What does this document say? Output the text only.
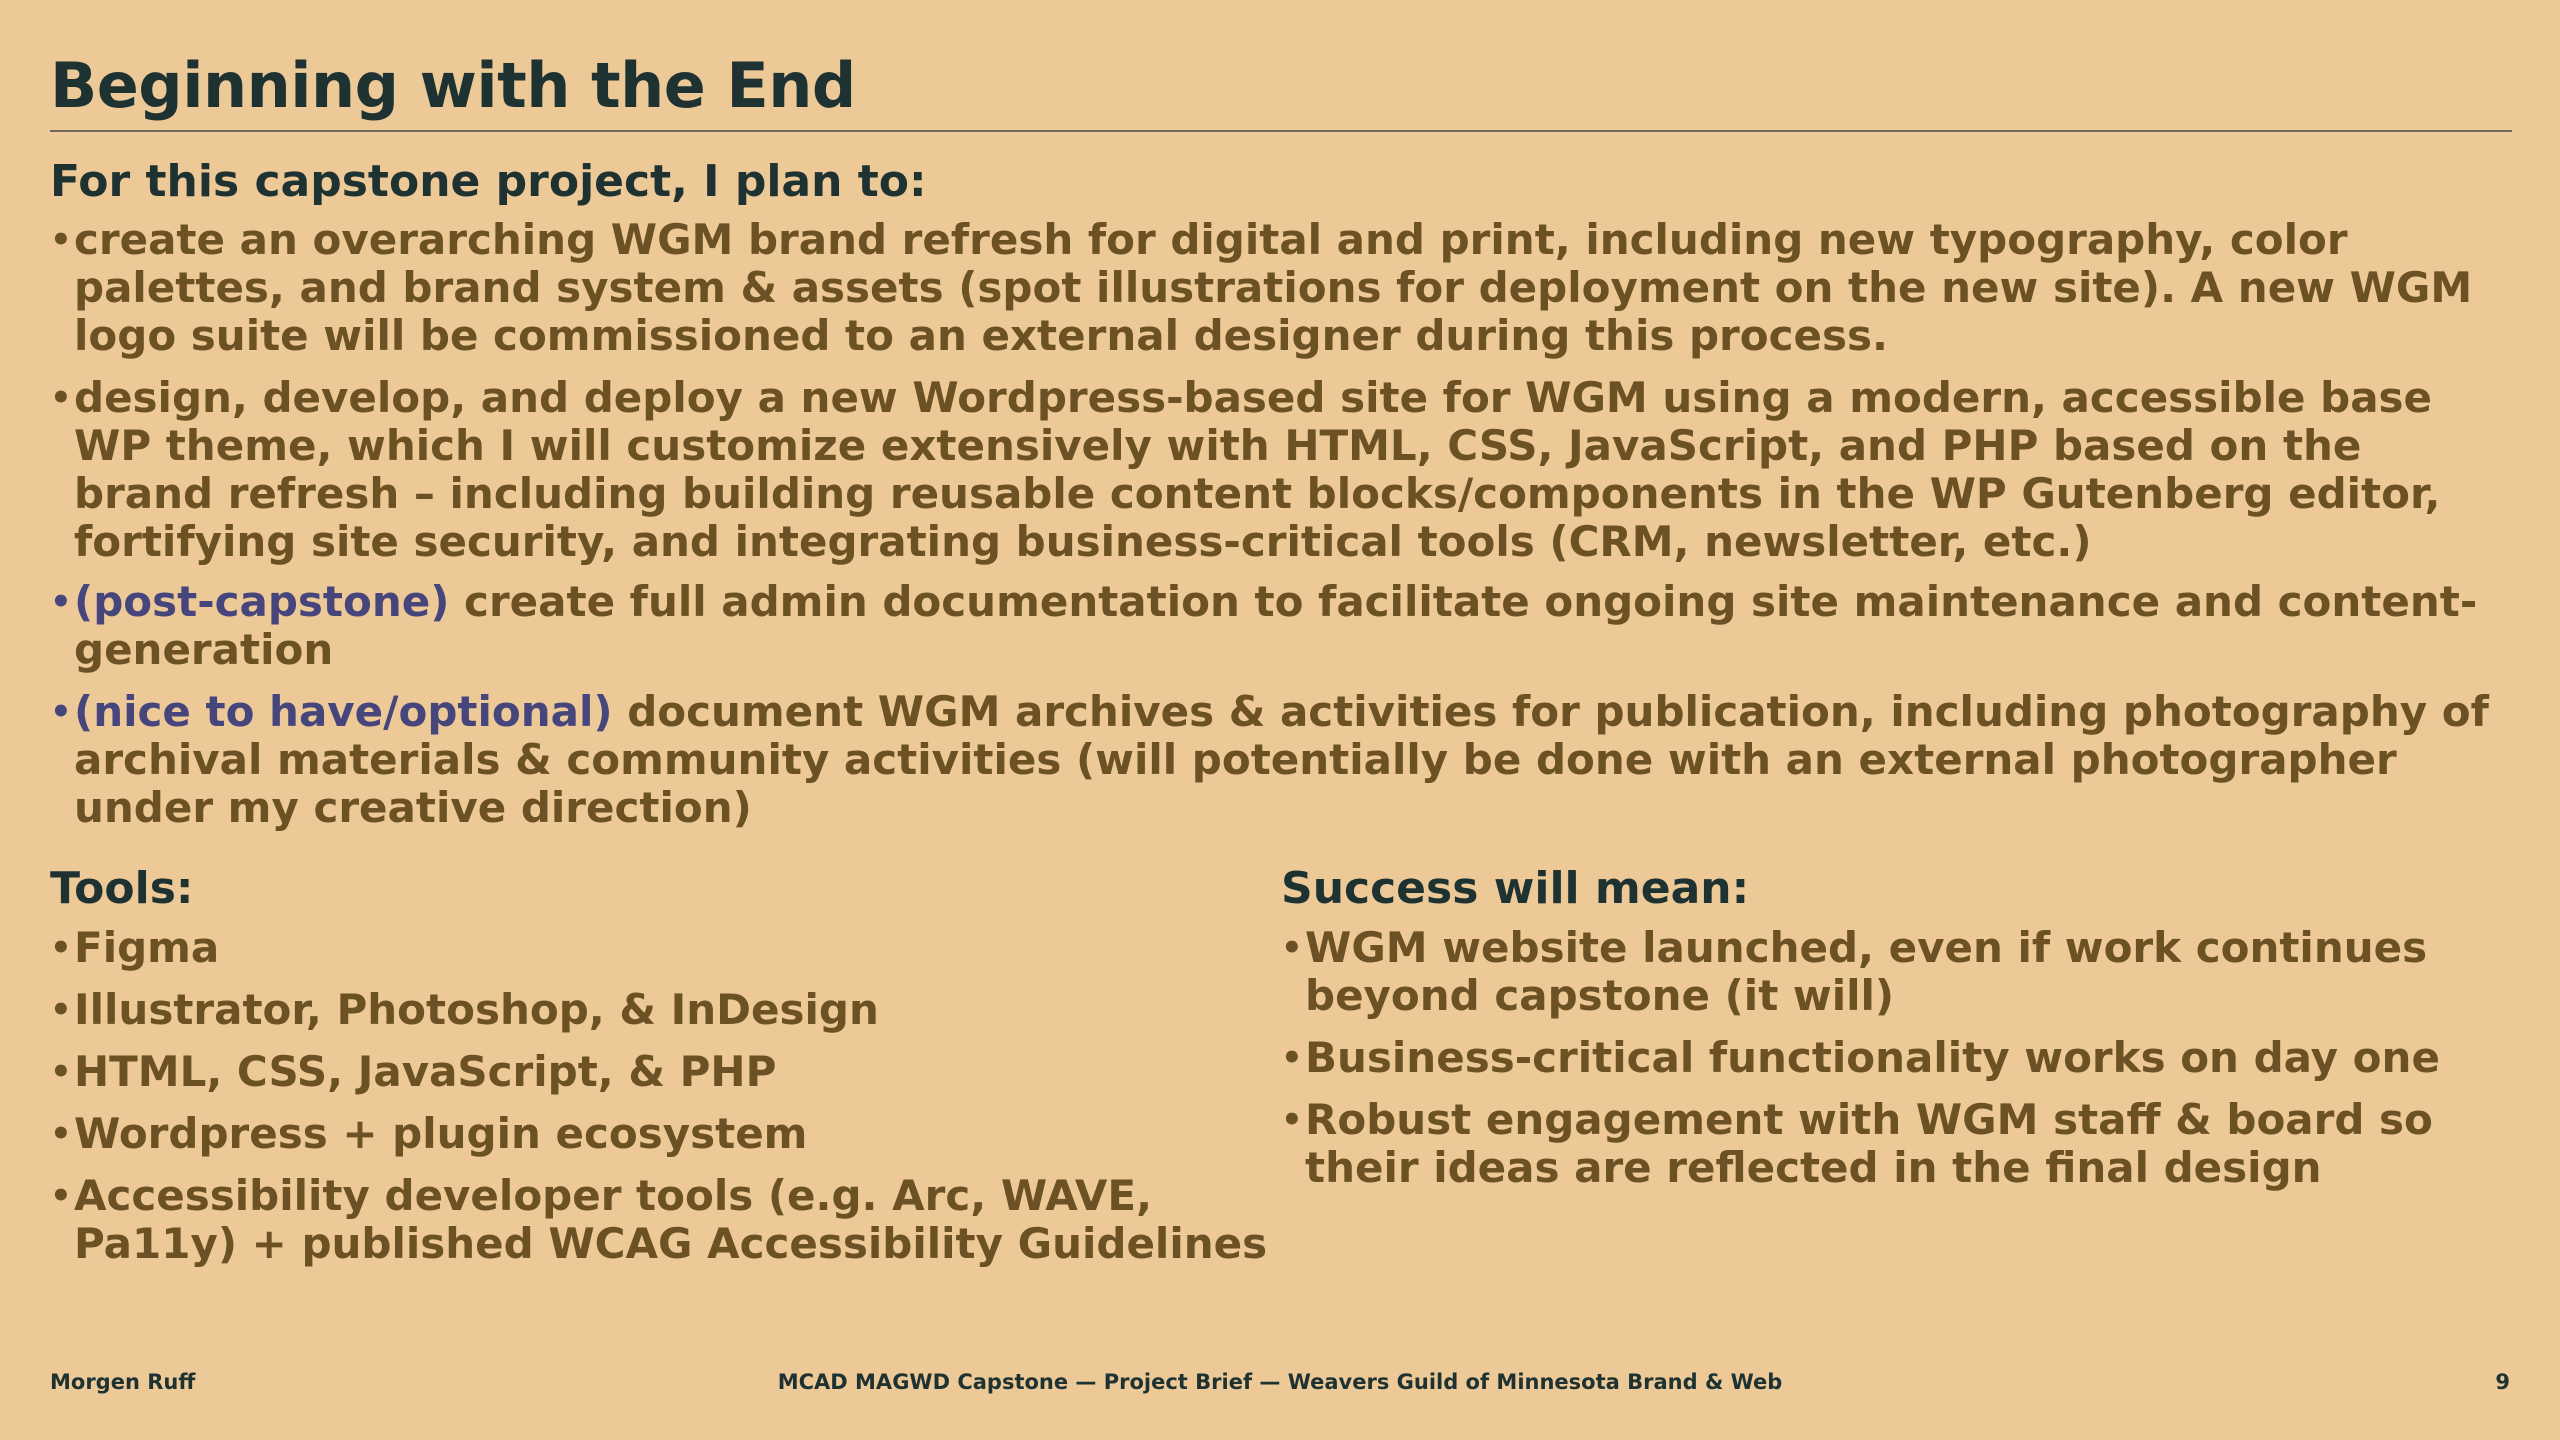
Beginning with the End
For this capstone project, I plan to:
• create an overarching WGM brand refresh for digital and print, including new typography, color palettes, and brand system & assets (spot illustrations for deployment on the new site). A new WGM logo suite will be commissioned to an external designer during this process.
• design, develop, and deploy a new Wordpress-based site for WGM using a modern, accessible base WP theme, which I will customize extensively with HTML, CSS, JavaScript, and PHP based on the brand refresh – including building reusable content blocks/components in the WP Gutenberg editor, fortifying site security, and integrating business-critical tools (CRM, newsletter, etc.)
• (post-capstone) create full admin documentation to facilitate ongoing site maintenance and content-generation
• (nice to have/optional) document WGM archives & activities for publication, including photography of archival materials & community activities (will potentially be done with an external photographer under my creative direction)
Tools:
• Figma
• Illustrator, Photoshop, & InDesign
• HTML, CSS, JavaScript, & PHP
• Wordpress + plugin ecosystem
• Accessibility developer tools (e.g. Arc, WAVE, Pa11y) + published WCAG Accessibility Guidelines
Success will mean:
• WGM website launched, even if work continues beyond capstone (it will)
• Business-critical functionality works on day one
• Robust engagement with WGM staff & board so their ideas are reflected in the final design
MCAD MAGWD Capstone — Project Brief — Weavers Guild of Minnesota Brand & Web
Morgen Ruff	9
